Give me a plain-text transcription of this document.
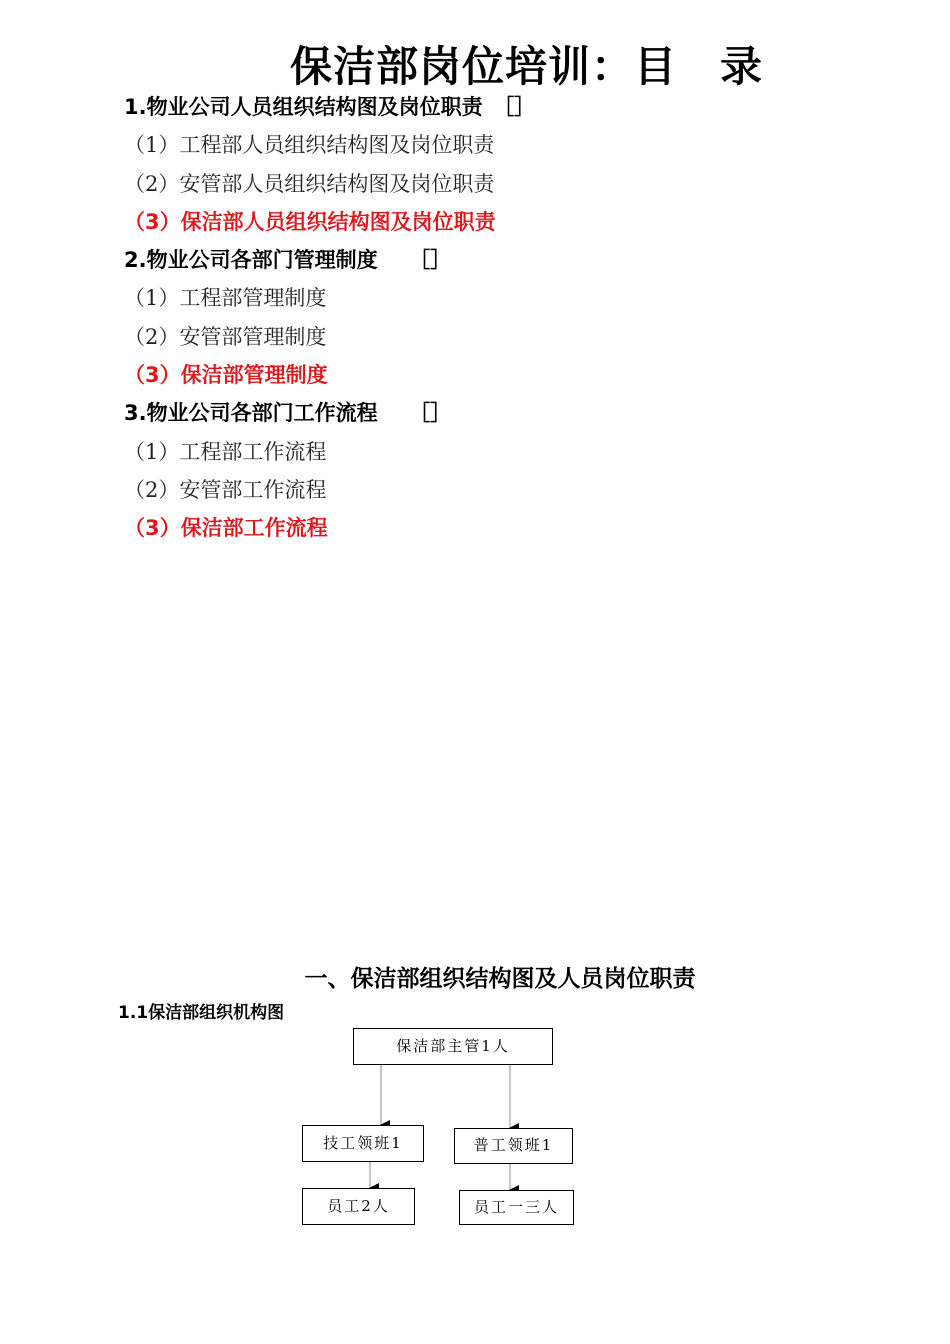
保洁部岗位培训：目　录
1.物业公司人员组织结构图及岗位职责　［］
（1）工程部人员组织结构图及岗位职责
（2）安管部人员组织结构图及岗位职责
（3）保洁部人员组织结构图及岗位职责
2.物业公司各部门管理制度　　［］
（1）工程部管理制度
（2）安管部管理制度
（3）保洁部管理制度
3.物业公司各部门工作流程　　［］
（1）工程部工作流程
（2）安管部工作流程
（3）保洁部工作流程
一、保洁部组织结构图及人员岗位职责
1.1保洁部组织机构图
保洁部主管1人
技工领班1	普工领班1
员工2人	员工一三人
